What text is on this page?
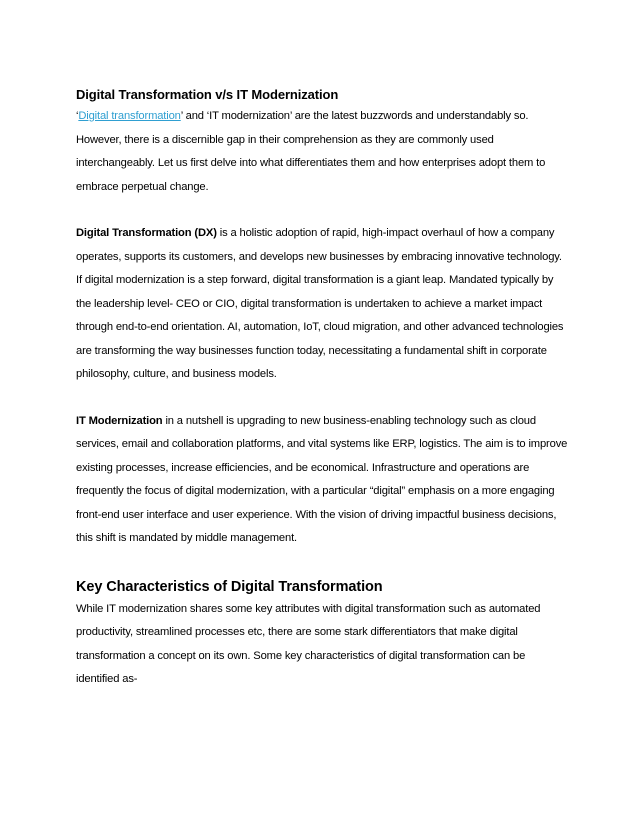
Digital Transformation v/s IT Modernization

‘Digital transformation’ and ‘IT modernization’ are the latest buzzwords and understandably so. However, there is a discernible gap in their comprehension as they are commonly used interchangeably. Let us first delve into what differentiates them and how enterprises adopt them to embrace perpetual change.

Digital Transformation (DX) is a holistic adoption of rapid, high-impact overhaul of how a company operates, supports its customers, and develops new businesses by embracing innovative technology. If digital modernization is a step forward, digital transformation is a giant leap. Mandated typically by the leadership level- CEO or CIO, digital transformation is undertaken to achieve a market impact through end-to-end orientation. AI, automation, IoT, cloud migration, and other advanced technologies are transforming the way businesses function today, necessitating a fundamental shift in corporate philosophy, culture, and business models.

IT Modernization in a nutshell is upgrading to new business-enabling technology such as cloud services, email and collaboration platforms, and vital systems like ERP, logistics. The aim is to improve existing processes, increase efficiencies, and be economical. Infrastructure and operations are frequently the focus of digital modernization, with a particular “digital” emphasis on a more engaging front-end user interface and user experience. With the vision of driving impactful business decisions, this shift is mandated by middle management.

Key Characteristics of Digital Transformation

While IT modernization shares some key attributes with digital transformation such as automated productivity, streamlined processes etc, there are some stark differentiators that make digital transformation a concept on its own. Some key characteristics of digital transformation can be identified as-
